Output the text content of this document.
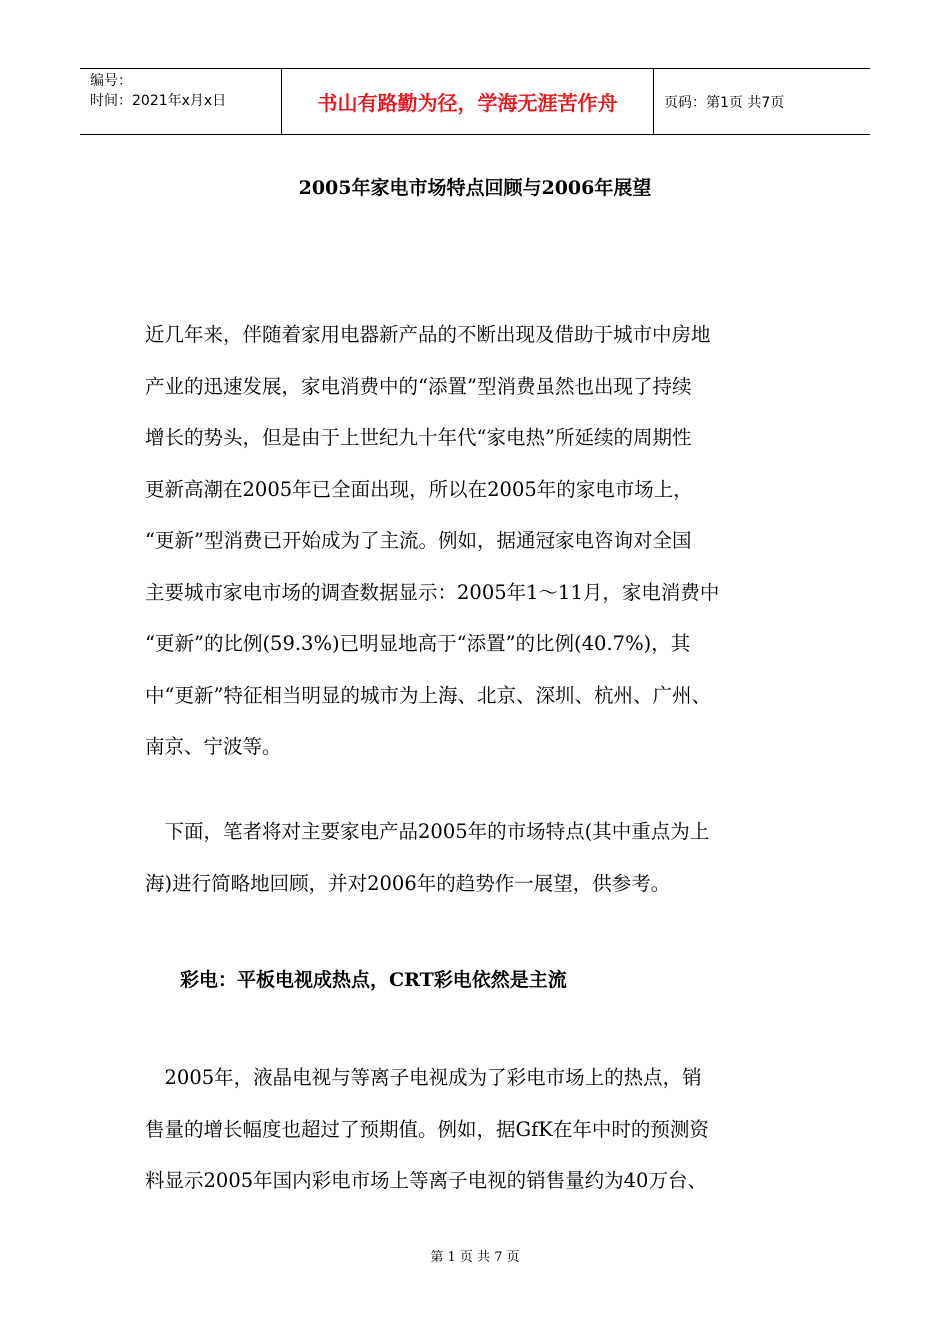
编号：
时间：2021年x月x日	书山有路勤为径，学海无涯苦作舟	页码：第1页 共7页
2005年家电市场特点回顾与2006年展望
近几年来，伴随着家用电器新产品的不断出现及借助于城市中房地
产业的迅速发展，家电消费中的“添置”型消费虽然也出现了持续
增长的势头，但是由于上世纪九十年代“家电热”所延续的周期性
更新高潮在2005年已全面出现，所以在2005年的家电市场上，
“更新”型消费已开始成为了主流。例如，据通冠家电咨询对全国
主要城市家电市场的调查数据显示：2005年1～11月，家电消费中
“更新”的比例(59.3%)已明显地高于“添置”的比例(40.7%)，其
中“更新”特征相当明显的城市为上海、北京、深圳、杭州、广州、
南京、宁波等。
　下面，笔者将对主要家电产品2005年的市场特点(其中重点为上
海)进行简略地回顾，并对2006年的趋势作一展望，供参考。
彩电：平板电视成热点，CRT彩电依然是主流
　2005年，液晶电视与等离子电视成为了彩电市场上的热点，销
售量的增长幅度也超过了预期值。例如，据GfK在年中时的预测资
料显示2005年国内彩电市场上等离子电视的销售量约为40万台、
第 1 页 共 7 页
